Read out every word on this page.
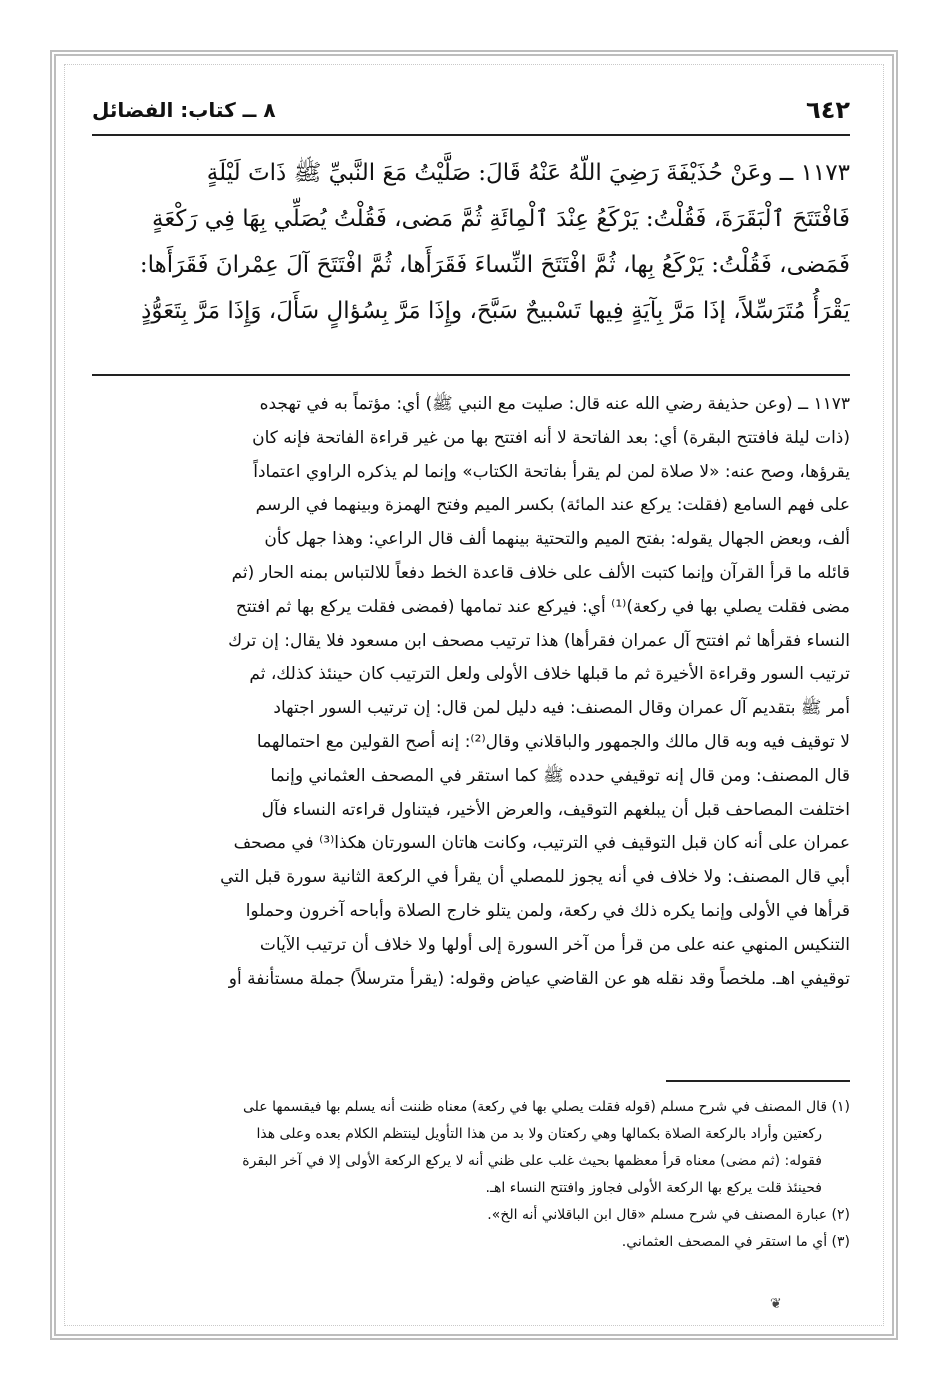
٦٤٢
٨ ــ كتاب: الفضائل

١١٧٣ ــ وعَنْ حُذَيْفَةَ رَضِيَ اللّهُ عَنْهُ قَالَ: صَلَّيْتُ مَعَ النَّبيِّ ﷺ ذَاتَ لَيْلَةٍ

فَافْتَتَحَ ٱلْبَقَرَةَ، فَقُلْتُ: يَرْكَعُ عِنْدَ ٱلْمِائَةِ ثُمَّ مَضى، فَقُلْتُ يُصَلِّي بِهَا فِي رَكْعَةٍ

فَمَضى، فَقُلْتُ: يَرْكَعُ بِها، ثُمَّ افْتَتَحَ النِّساءَ فَقَرَأَها، ثُمَّ افْتَتَحَ آلَ عِمْرانَ فَقَرَأَها:

يَقْرَأُ مُتَرَسِّلاً، إذَا مَرَّ بِآيَةٍ فِيها تَسْبيحٌ سَبَّحَ، وإِذَا مَرَّ بِسُؤالٍ سَأَلَ، وَإِذَا مَرَّ بِتَعَوُّذٍ

١١٧٣ ــ (وعن حذيفة رضي الله عنه قال: صليت مع النبي ﷺ) أي: مؤتماً به في تهجده

(ذات ليلة فافتتح البقرة) أي: بعد الفاتحة لا أنه افتتح بها من غير قراءة الفاتحة فإنه كان

يقرؤها، وصح عنه: «لا صلاة لمن لم يقرأ بفاتحة الكتاب» وإنما لم يذكره الراوي اعتماداً

على فهم السامع (فقلت: يركع عند المائة) بكسر الميم وفتح الهمزة وبينهما في الرسم

ألف، وبعض الجهال يقوله: بفتح الميم والتحتية بينهما ألف قال الراعي: وهذا جهل كأن

قائله ما قرأ القرآن وإنما كتبت الألف على خلاف قاعدة الخط دفعاً للالتباس بمنه الحار (ثم

مضى فقلت يصلي بها في ركعة)⁽¹⁾ أي: فيركع عند تمامها (فمضى فقلت يركع بها ثم افتتح

النساء فقرأها ثم افتتح آل عمران فقرأها) هذا ترتيب مصحف ابن مسعود فلا يقال: إن ترك

ترتيب السور وقراءة الأخيرة ثم ما قبلها خلاف الأولى ولعل الترتيب كان حينئذ كذلك، ثم

أمر ﷺ بتقديم آل عمران وقال المصنف: فيه دليل لمن قال: إن ترتيب السور اجتهاد

لا توقيف فيه وبه قال مالك والجمهور والباقلاني وقال⁽²⁾: إنه أصح القولين مع احتمالهما

قال المصنف: ومن قال إنه توقيفي حدده ﷺ كما استقر في المصحف العثماني وإنما

اختلفت المصاحف قبل أن يبلغهم التوقيف، والعرض الأخير، فيتناول قراءته النساء فآل

عمران على أنه كان قبل التوقيف في الترتيب، وكانت هاتان السورتان هكذا⁽³⁾ في مصحف

أبي قال المصنف: ولا خلاف في أنه يجوز للمصلي أن يقرأ في الركعة الثانية سورة قبل التي

قرأها في الأولى وإنما يكره ذلك في ركعة، ولمن يتلو خارج الصلاة وأباحه آخرون وحملوا

التنكيس المنهي عنه على من قرأ من آخر السورة إلى أولها ولا خلاف أن ترتيب الآيات

توقيفي اهـ. ملخصاً وقد نقله هو عن القاضي عياض وقوله: (يقرأ مترسلاً) جملة مستأنفة أو

(١) قال المصنف في شرح مسلم (قوله فقلت يصلي بها في ركعة) معناه ظننت أنه يسلم بها فيقسمها على

ركعتين وأراد بالركعة الصلاة بكمالها وهي ركعتان ولا بد من هذا التأويل لينتظم الكلام بعده وعلى هذا

فقوله: (ثم مضى) معناه قرأ معظمها بحيث غلب على ظني أنه لا يركع الركعة الأولى إلا في آخر البقرة

فحينئذ قلت يركع بها الركعة الأولى فجاوز وافتتح النساء اهـ.

(٢) عبارة المصنف في شرح مسلم «قال ابن الباقلاني أنه الخ».

(٣) أي ما استقر في المصحف العثماني.

❦
